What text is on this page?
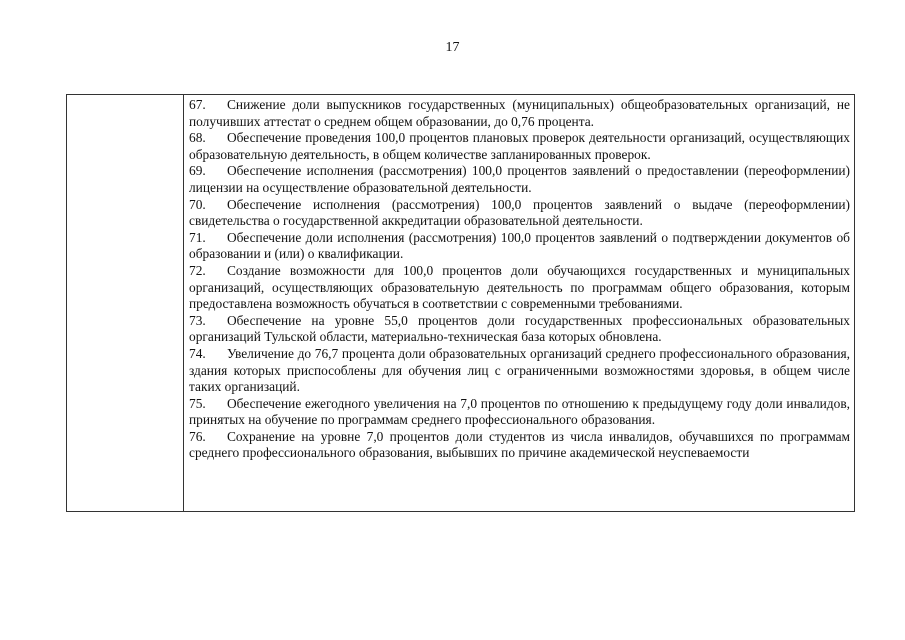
17
67. Снижение доли выпускников государственных (муниципальных) общеобразовательных организаций, не получивших аттестат о среднем общем образовании, до 0,76 процента.
68. Обеспечение проведения 100,0 процентов плановых проверок деятельности организаций, осуществляющих образовательную деятельность, в общем количестве запланированных проверок.
69. Обеспечение исполнения (рассмотрения) 100,0 процентов заявлений о предоставлении (переоформлении) лицензии на осуществление образовательной деятельности.
70. Обеспечение исполнения (рассмотрения) 100,0 процентов заявлений о выдаче (переоформлении) свидетельства о государственной аккредитации образовательной деятельности.
71. Обеспечение доли исполнения (рассмотрения) 100,0 процентов заявлений о подтверждении документов об образовании и (или) о квалификации.
72. Создание возможности для 100,0 процентов доли обучающихся государственных и муниципальных организаций, осуществляющих образовательную деятельность по программам общего образования, которым предоставлена возможность обучаться в соответствии с современными требованиями.
73. Обеспечение на уровне 55,0 процентов доли государственных профессиональных образовательных организаций Тульской области, материально-техническая база которых обновлена.
74. Увеличение до 76,7 процента доли образовательных организаций среднего профессионального образования, здания которых приспособлены для обучения лиц с ограниченными возможностями здоровья, в общем числе таких организаций.
75. Обеспечение ежегодного увеличения на 7,0 процентов по отношению к предыдущему году доли инвалидов, принятых на обучение по программам среднего профессионального образования.
76. Сохранение на уровне 7,0 процентов доли студентов из числа инвалидов, обучавшихся по программам среднего профессионального образования, выбывших по причине академической неуспеваемости
